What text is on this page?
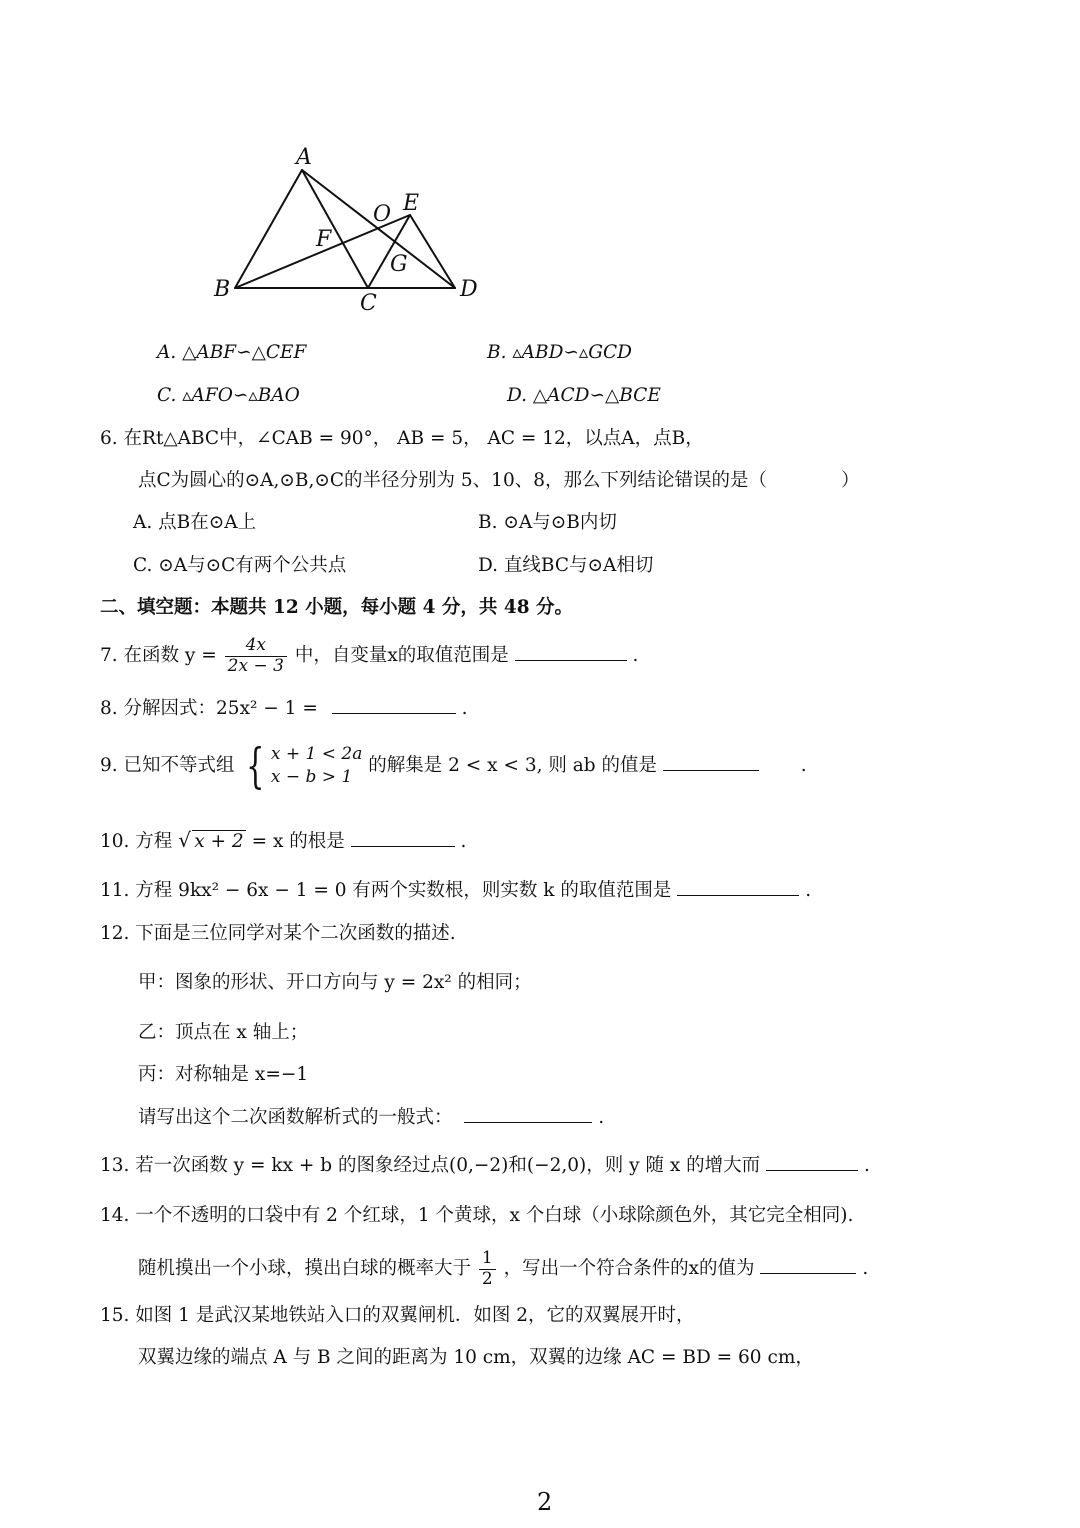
A
B
C
D
E
F
G
O
A. △ABF∽△CEF	B. ▵ABD∽▵GCD
C. ▵AFO∽▵BAO	D. △ACD∽△BCE
6. 在Rt△ABC中，∠CAB = 90°， AB = 5， AC = 12，以点A，点B，
点C为圆心的⊙A,⊙B,⊙C的半径分别为 5、10、8，那么下列结论错误的是（　　　　）
A. 点B在⊙A上	B. ⊙A与⊙B内切
C. ⊙A与⊙C有两个公共点	D. 直线BC与⊙A相切
二、填空题：本题共 12 小题，每小题 4 分，共 48 分。
7. 在函数 $y = \frac{4x}{2x - 3}$ 中，自变量x的取值范围是	.
8. 分解因式：25x² − 1 =	.
9. 已知不等式组 { x + 1 < 2a
x − b > 1
的解集是 2 < x < 3, 则 ab 的值是	.
10. 方程 √ x + 2 = x 的根是	.
11. 方程 9kx² − 6x − 1 = 0 有两个实数根，则实数 k 的取值范围是	.
12. 下面是三位同学对某个二次函数的描述.
甲：图象的形状、开口方向与 y = 2x² 的相同；
乙：顶点在 x 轴上；
丙：对称轴是 x=−1
请写出这个二次函数解析式的一般式：	.
13. 若一次函数 y = kx + b 的图象经过点(0,−2)和(−2,0)，则 y 随 x 的增大而	.
14. 一个不透明的口袋中有 2 个红球，1 个黄球，x 个白球（小球除颜色外，其它完全相同).
随机摸出一个小球，摸出白球的概率大于 $\frac{1}{2}$ ，写出一个符合条件的x的值为	.
15. 如图 1 是武汉某地铁站入口的双翼闸机．如图 2，它的双翼展开时，
双翼边缘的端点 A 与 B 之间的距离为 10 cm，双翼的边缘 AC = BD = 60 cm，
2
